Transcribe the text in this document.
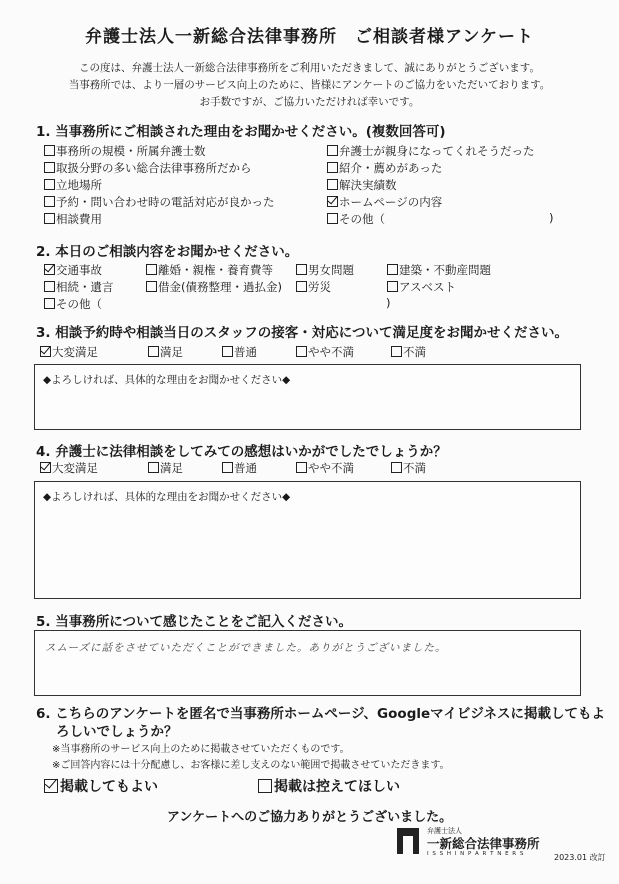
弁護士法人一新総合法律事務所　ご相談者様アンケート
この度は、弁護士法人一新総合法律事務所をご利用いただきまして、誠にありがとうございます。
当事務所では、より一層のサービス向上のために、皆様にアンケートのご協力をいただいております。
お手数ですが、ご協力いただければ幸いです。
1. 当事務所にご相談された理由をお聞かせください。(複数回答可)
事務所の規模・所属弁護士数	弁護士が親身になってくれそうだった
取扱分野の多い総合法律事務所だから	紹介・薦めがあった
立地場所	解決実績数
予約・問い合わせ時の電話対応が良かった	ホームページの内容
相談費用	その他（	)
2. 本日のご相談内容をお聞かせください。
交通事故	離婚・親権・養育費等	男女問題	建築・不動産問題
相続・遺言	借金(債務整理・過払金)	労災	アスベスト
その他（	)
3. 相談予約時や相談当日のスタッフの接客・対応について満足度をお聞かせください。
大変満足	満足	普通	やや不満	不満
◆よろしければ、具体的な理由をお聞かせください◆
4. 弁護士に法律相談をしてみての感想はいかがでしたでしょうか？
大変満足	満足	普通	やや不満	不満
◆よろしければ、具体的な理由をお聞かせください◆
5. 当事務所について感じたことをご記入ください。
スムーズに話をさせていただくことができました。ありがとうございました。
6. こちらのアンケートを匿名で当事務所ホームページ、Googleマイビジネスに掲載してもよ
ろしいでしょうか？
※当事務所のサービス向上のために掲載させていただくものです。
※ご回答内容には十分配慮し、お客様に差し支えのない範囲で掲載させていただきます。
掲載してもよい	掲載は控えてほしい
アンケートへのご協力ありがとうございました。
弁護士法人
一新総合法律事務所
I S S H I N P A R T N E R S	2023.01 改訂
